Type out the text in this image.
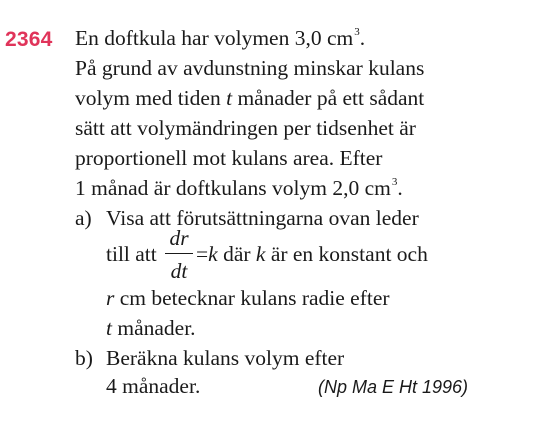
2364 En doftkula har volymen 3,0 $cm^3$.
På grund av avdunstning minskar kulans
volym med tiden t månader på ett sådant
sätt att volymändringen per tidsenhet är
proportionell mot kulans area. Efter
1 månad är doftkulans volym 2,0 $cm^3$.
a) Visa att förutsättningarna ovan leder
till att
dr
dt
=k där k är en konstant och
r cm betecknar kulans radie efter
t månader.
b) Beräkna kulans volym efter
4 månader.	(Np Ma E Ht 1996)
